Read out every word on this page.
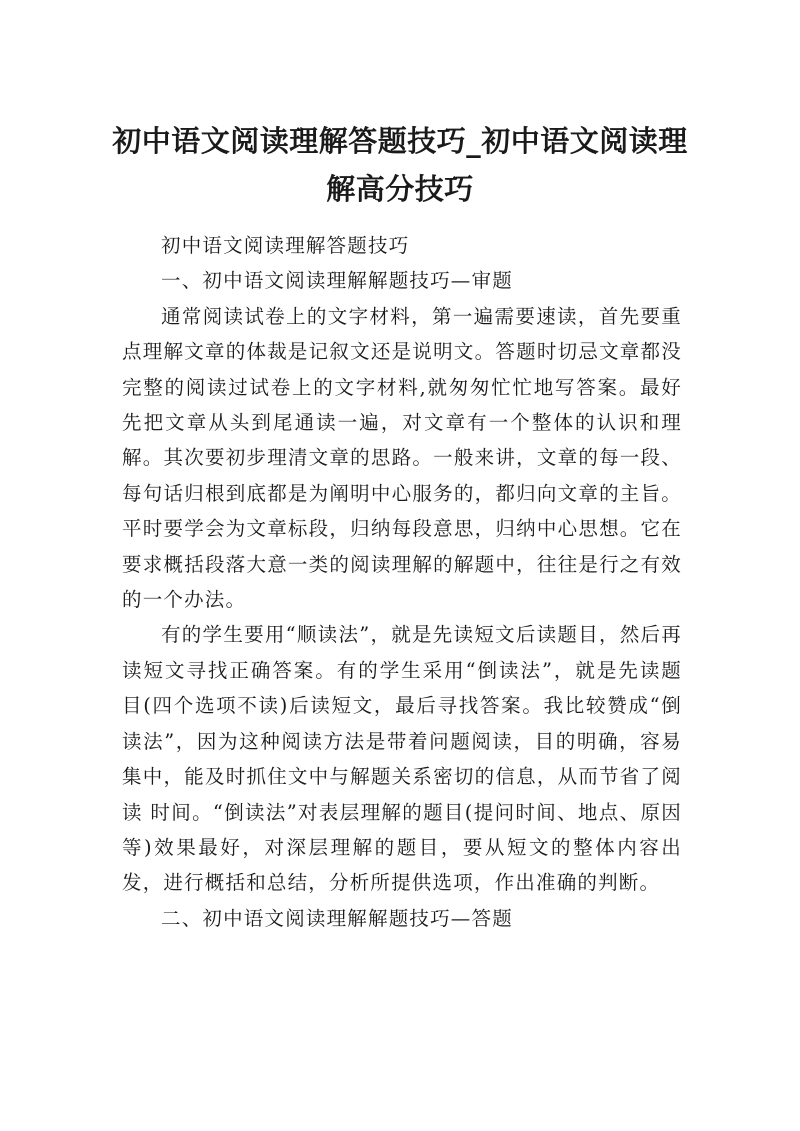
初中语文阅读理解答题技巧_初中语文阅读理解高分技巧

初中语文阅读理解答题技巧

一、初中语文阅读理解解题技巧—审题

通常阅读试卷上的文字材料，第一遍需要速读，首先要重点理解文章的体裁是记叙文还是说明文。答题时切忌文章都没完整的阅读过试卷上的文字材料,就匆匆忙忙地写答案。最好先把文章从头到尾通读一遍，对文章有一个整体的认识和理解。其次要初步理清文章的思路。一般来讲，文章的每一段、每句话归根到底都是为阐明中心服务的，都归向文章的主旨。平时要学会为文章标段，归纳每段意思，归纳中心思想。它在要求概括段落大意一类的阅读理解的解题中，往往是行之有效的一个办法。

有的学生要用“顺读法”，就是先读短文后读题目，然后再读短文寻找正确答案。有的学生采用“倒读法”，就是先读题目(四个选项不读)后读短文，最后寻找答案。我比较赞成“倒读法”，因为这种阅读方法是带着问题阅读，目的明确，容易集中，能及时抓住文中与解题关系密切的信息，从而节省了阅读 时间。“倒读法”对表层理解的题目(提问时间、地点、原因等)效果最好，对深层理解的题目，要从短文的整体内容出发，进行概括和总结，分析所提供选项，作出准确的判断。

二、初中语文阅读理解解题技巧—答题
